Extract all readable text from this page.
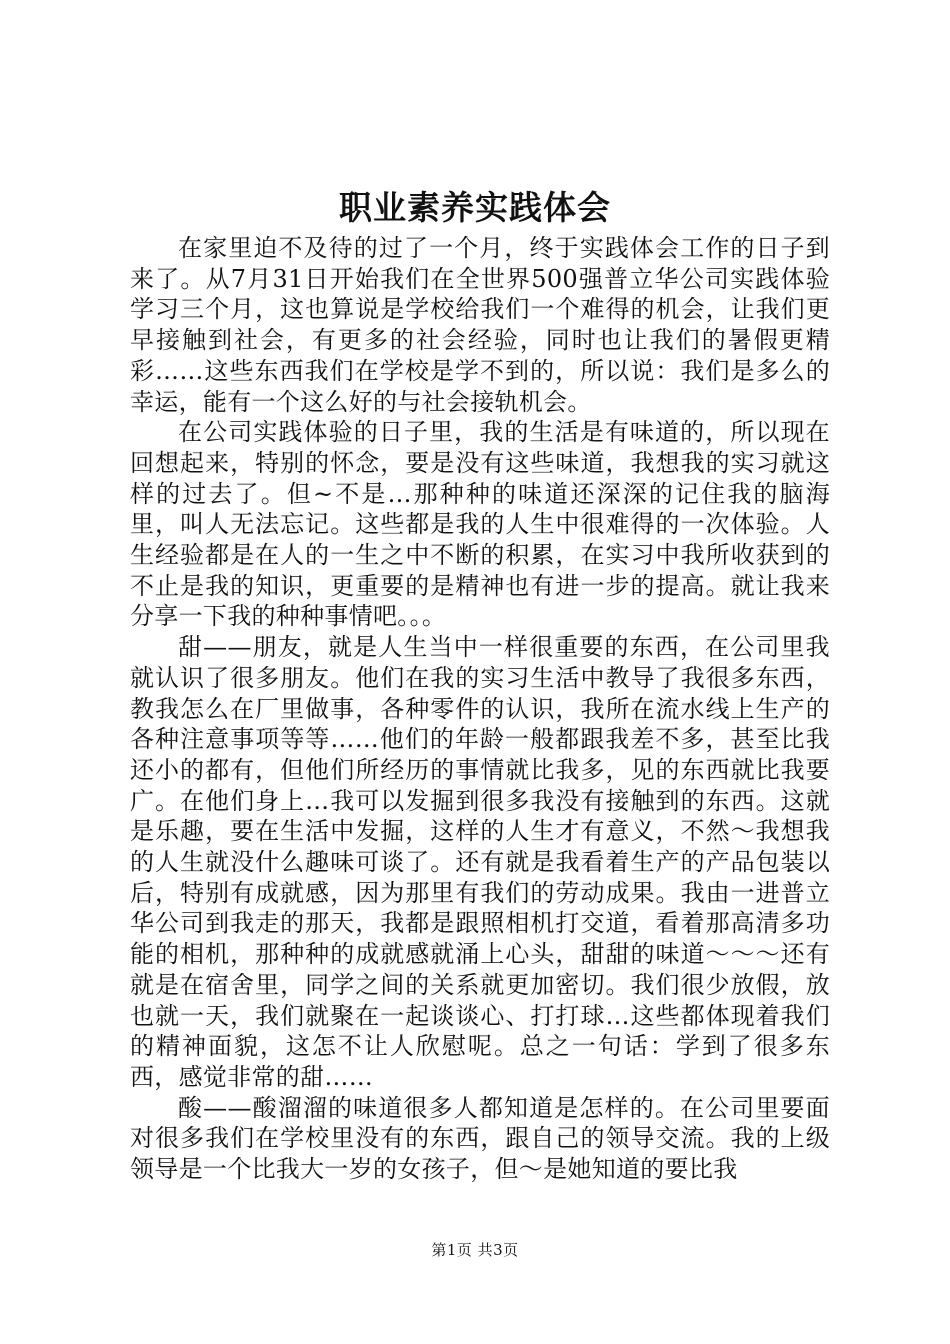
职业素养实践体会

在家里迫不及待的过了一个月，终于实践体会工作的日子到来了。从7月31日开始我们在全世界500强普立华公司实践体验学习三个月，这也算说是学校给我们一个难得的机会，让我们更早接触到社会，有更多的社会经验，同时也让我们的暑假更精彩……这些东西我们在学校是学不到的，所以说：我们是多么的幸运，能有一个这么好的与社会接轨机会。

在公司实践体验的日子里，我的生活是有味道的，所以现在回想起来，特别的怀念，要是没有这些味道，我想我的实习就这样的过去了。但~不是…那种种的味道还深深的记住我的脑海里，叫人无法忘记。这些都是我的人生中很难得的一次体验。人生经验都是在人的一生之中不断的积累，在实习中我所收获到的不止是我的知识，更重要的是精神也有进一步的提高。就让我来分享一下我的种种事情吧。。。

甜——朋友，就是人生当中一样很重要的东西，在公司里我就认识了很多朋友。他们在我的实习生活中教导了我很多东西，教我怎么在厂里做事，各种零件的认识，我所在流水线上生产的各种注意事项等等……他们的年龄一般都跟我差不多，甚至比我还小的都有，但他们所经历的事情就比我多，见的东西就比我要广。在他们身上…我可以发掘到很多我没有接触到的东西。这就是乐趣，要在生活中发掘，这样的人生才有意义，不然～我想我的人生就没什么趣味可谈了。还有就是我看着生产的产品包装以后，特别有成就感，因为那里有我们的劳动成果。我由一进普立华公司到我走的那天，我都是跟照相机打交道，看着那高清多功能的相机，那种种的成就感就涌上心头，甜甜的味道～～～还有就是在宿舍里，同学之间的关系就更加密切。我们很少放假，放也就一天，我们就聚在一起谈谈心、打打球…这些都体现着我们的精神面貌，这怎不让人欣慰呢。总之一句话：学到了很多东西，感觉非常的甜……

酸——酸溜溜的味道很多人都知道是怎样的。在公司里要面对很多我们在学校里没有的东西，跟自己的领导交流。我的上级领导是一个比我大一岁的女孩子，但～是她知道的要比我

第1页 共3页
